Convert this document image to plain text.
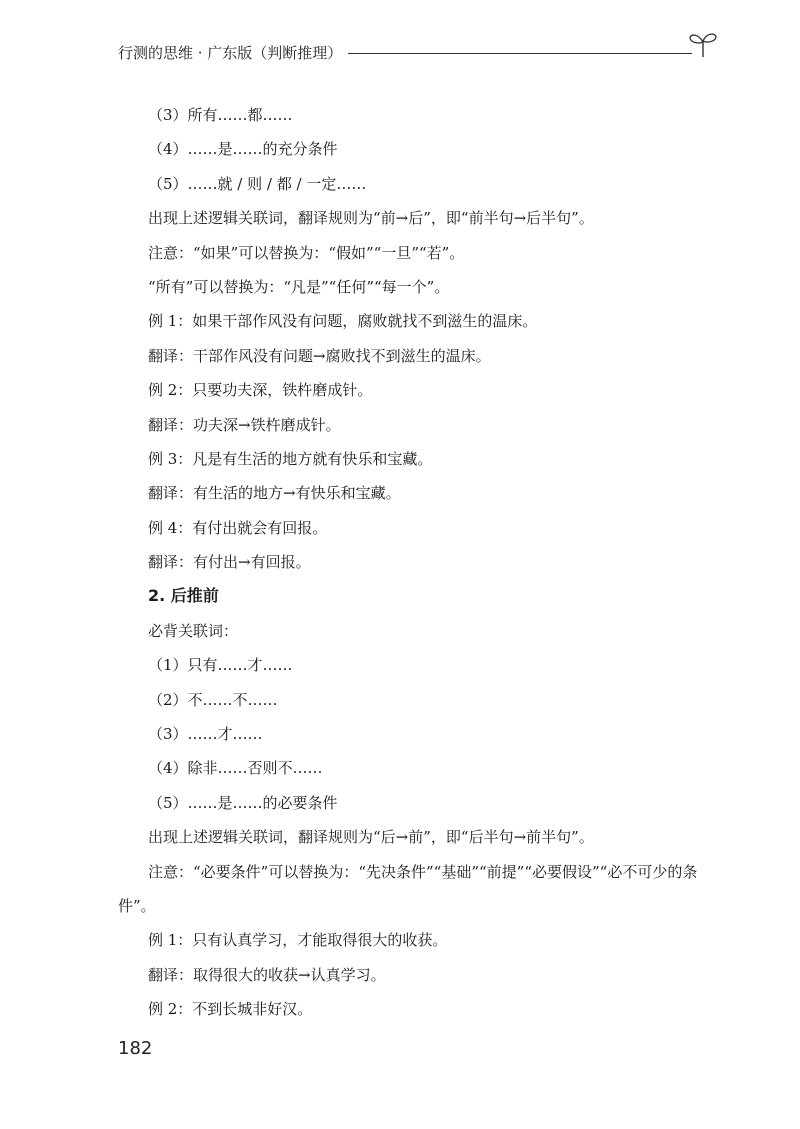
行测的思维 · 广东版（判断推理）
（3）所有……都……
（4）……是……的充分条件
（5）……就 / 则 / 都 / 一定……
出现上述逻辑关联词，翻译规则为“前→后”，即“前半句→后半句”。
注意：“如果”可以替换为：“假如”“一旦”“若”。
“所有”可以替换为：“凡是”“任何”“每一个”。
例 1：如果干部作风没有问题，腐败就找不到滋生的温床。
翻译：干部作风没有问题→腐败找不到滋生的温床。
例 2：只要功夫深，铁杵磨成针。
翻译：功夫深→铁杵磨成针。
例 3：凡是有生活的地方就有快乐和宝藏。
翻译：有生活的地方→有快乐和宝藏。
例 4：有付出就会有回报。
翻译：有付出→有回报。
2. 后推前
必背关联词：
（1）只有……才……
（2）不……不……
（3）……才……
（4）除非……否则不……
（5）……是……的必要条件
出现上述逻辑关联词，翻译规则为“后→前”，即“后半句→前半句”。
注意：“必要条件”可以替换为：“先决条件”“基础”“前提”“必要假设”“必不可少的条件”。
例 1：只有认真学习，才能取得很大的收获。
翻译：取得很大的收获→认真学习。
例 2：不到长城非好汉。
182
